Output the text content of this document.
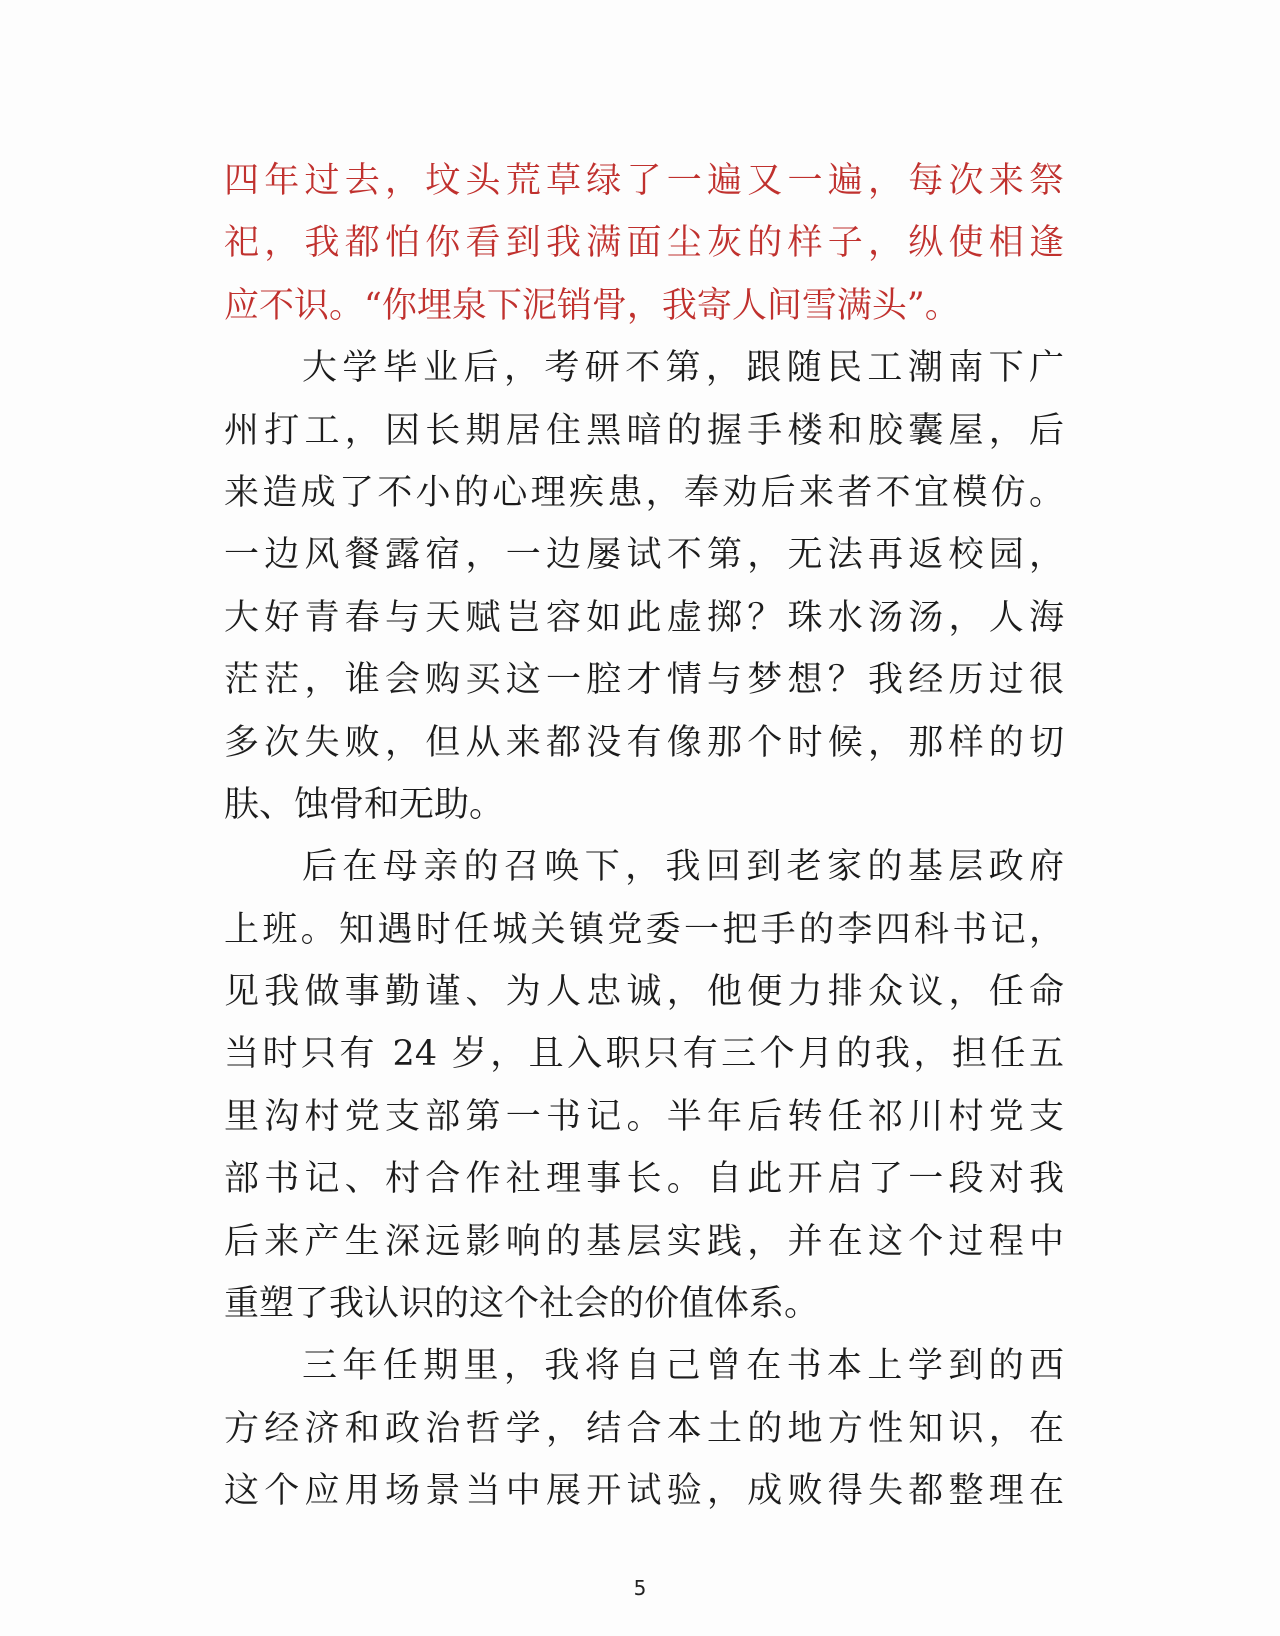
四年过去，坟头荒草绿了一遍又一遍，每次来祭
祀，我都怕你看到我满面尘灰的样子，纵使相逢
应不识。“你埋泉下泥销骨，我寄人间雪满头”。
大学毕业后，考研不第，跟随民工潮南下广
州打工，因长期居住黑暗的握手楼和胶囊屋，后
来造成了不小的心理疾患，奉劝后来者不宜模仿。
一边风餐露宿，一边屡试不第，无法再返校园，
大好青春与天赋岂容如此虚掷？珠水汤汤，人海
茫茫，谁会购买这一腔才情与梦想？我经历过很
多次失败，但从来都没有像那个时候，那样的切
肤、蚀骨和无助。
后在母亲的召唤下，我回到老家的基层政府
上班。知遇时任城关镇党委一把手的李四科书记，
见我做事勤谨、为人忠诚，他便力排众议，任命
当时只有 24 岁，且入职只有三个月的我，担任五
里沟村党支部第一书记。半年后转任祁川村党支
部书记、村合作社理事长。自此开启了一段对我
后来产生深远影响的基层实践，并在这个过程中
重塑了我认识的这个社会的价值体系。
三年任期里，我将自己曾在书本上学到的西
方经济和政治哲学，结合本土的地方性知识，在
这个应用场景当中展开试验，成败得失都整理在
5
